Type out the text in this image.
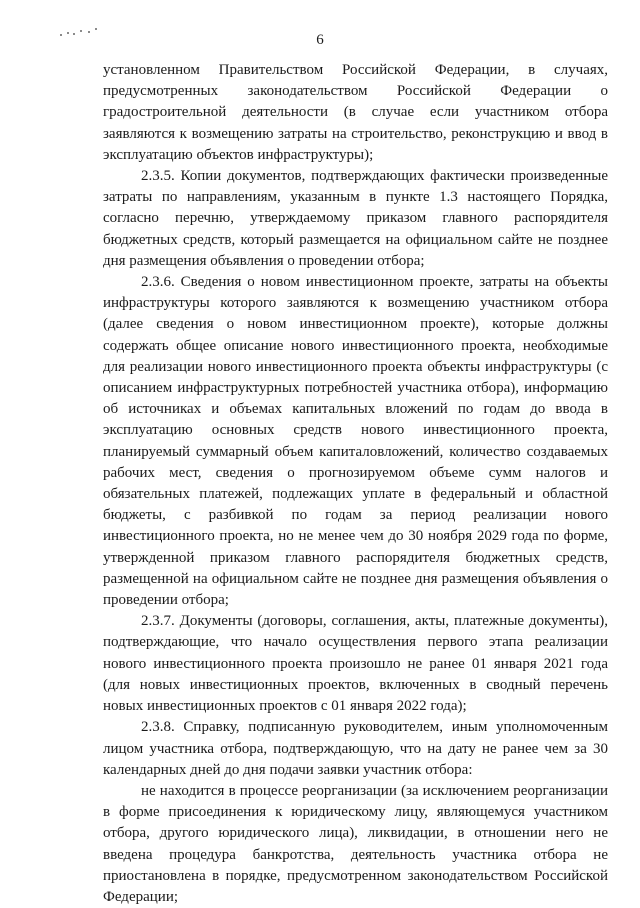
6

установленном Правительством Российской Федерации, в случаях, предусмотренных законодательством Российской Федерации о градостроительной деятельности (в случае если участником отбора заявляются к возмещению затраты на строительство, реконструкцию и ввод в эксплуатацию объектов инфраструктуры);

2.3.5. Копии документов, подтверждающих фактически произведенные затраты по направлениям, указанным в пункте 1.3 настоящего Порядка, согласно перечню, утверждаемому приказом главного распорядителя бюджетных средств, который размещается на официальном сайте не позднее дня размещения объявления о проведении отбора;

2.3.6. Сведения о новом инвестиционном проекте, затраты на объекты инфраструктуры которого заявляются к возмещению участником отбора (далее сведения о новом инвестиционном проекте), которые должны содержать общее описание нового инвестиционного проекта, необходимые для реализации нового инвестиционного проекта объекты инфраструктуры (с описанием инфраструктурных потребностей участника отбора), информацию об источниках и объемах капитальных вложений по годам до ввода в эксплуатацию основных средств нового инвестиционного проекта, планируемый суммарный объем капиталовложений, количество создаваемых рабочих мест, сведения о прогнозируемом объеме сумм налогов и обязательных платежей, подлежащих уплате в федеральный и областной бюджеты, с разбивкой по годам за период реализации нового инвестиционного проекта, но не менее чем до 30 ноября 2029 года по форме, утвержденной приказом главного распорядителя бюджетных средств, размещенной на официальном сайте не позднее дня размещения объявления о проведении отбора;

2.3.7. Документы (договоры, соглашения, акты, платежные документы), подтверждающие, что начало осуществления первого этапа реализации нового инвестиционного проекта произошло не ранее 01 января 2021 года (для новых инвестиционных проектов, включенных в сводный перечень новых инвестиционных проектов с 01 января 2022 года);

2.3.8. Справку, подписанную руководителем, иным уполномоченным лицом участника отбора, подтверждающую, что на дату не ранее чем за 30 календарных дней до дня подачи заявки участник отбора:

не находится в процессе реорганизации (за исключением реорганизации в форме присоединения к юридическому лицу, являющемуся участником отбора, другого юридического лица), ликвидации, в отношении него не введена процедура банкротства, деятельность участника отбора не приостановлена в порядке, предусмотренном законодательством Российской Федерации;
